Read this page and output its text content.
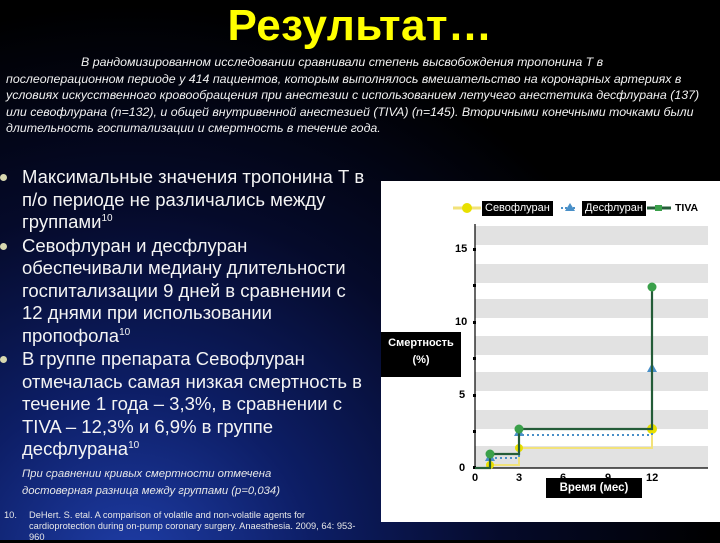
Результат…
В рандомизированном исследовании сравнивали степень высвобождения тропонина Т в послеоперационном периоде у 414 пациентов, которым выполнялось вмешательство на коронарных артериях в условиях искусственного кровообращения при анестезии с использованием летучего анестетика десфлурана (137) или севофлурана (n=132), и общей внутривенной анестезией (TIVA) (n=145). Вторичными конечными точками были длительность госпитализации и смертность в течение года.
Максимальные значения тропонина Т в п/о периоде не различались между группами$^{10}$
Севофлуран и десфлуран обеспечивали медиану длительности госпитализации 9 дней в сравнении с 12 днями при использовании пропофола$^{10}$
В группе препарата Севофлуран отмечалась самая низкая смертность в течение 1 года – 3,3%, в сравнении с TIVA – 12,3% и 6,9% в группе десфлурана$^{10}$
При сравнении кривых смертности отмечена
достоверная разница между группами (p=0,034)
10. DeHert. S. etal. A comparison of volatile and non-volatile agents for cardioprotection during on-pump coronary surgery. Anaesthesia. 2009, 64: 953-960
Севофлуран	Десфлуран	TIVA
15
10
5
0
0	3	12
Смертность
(%)
Время (мес)
